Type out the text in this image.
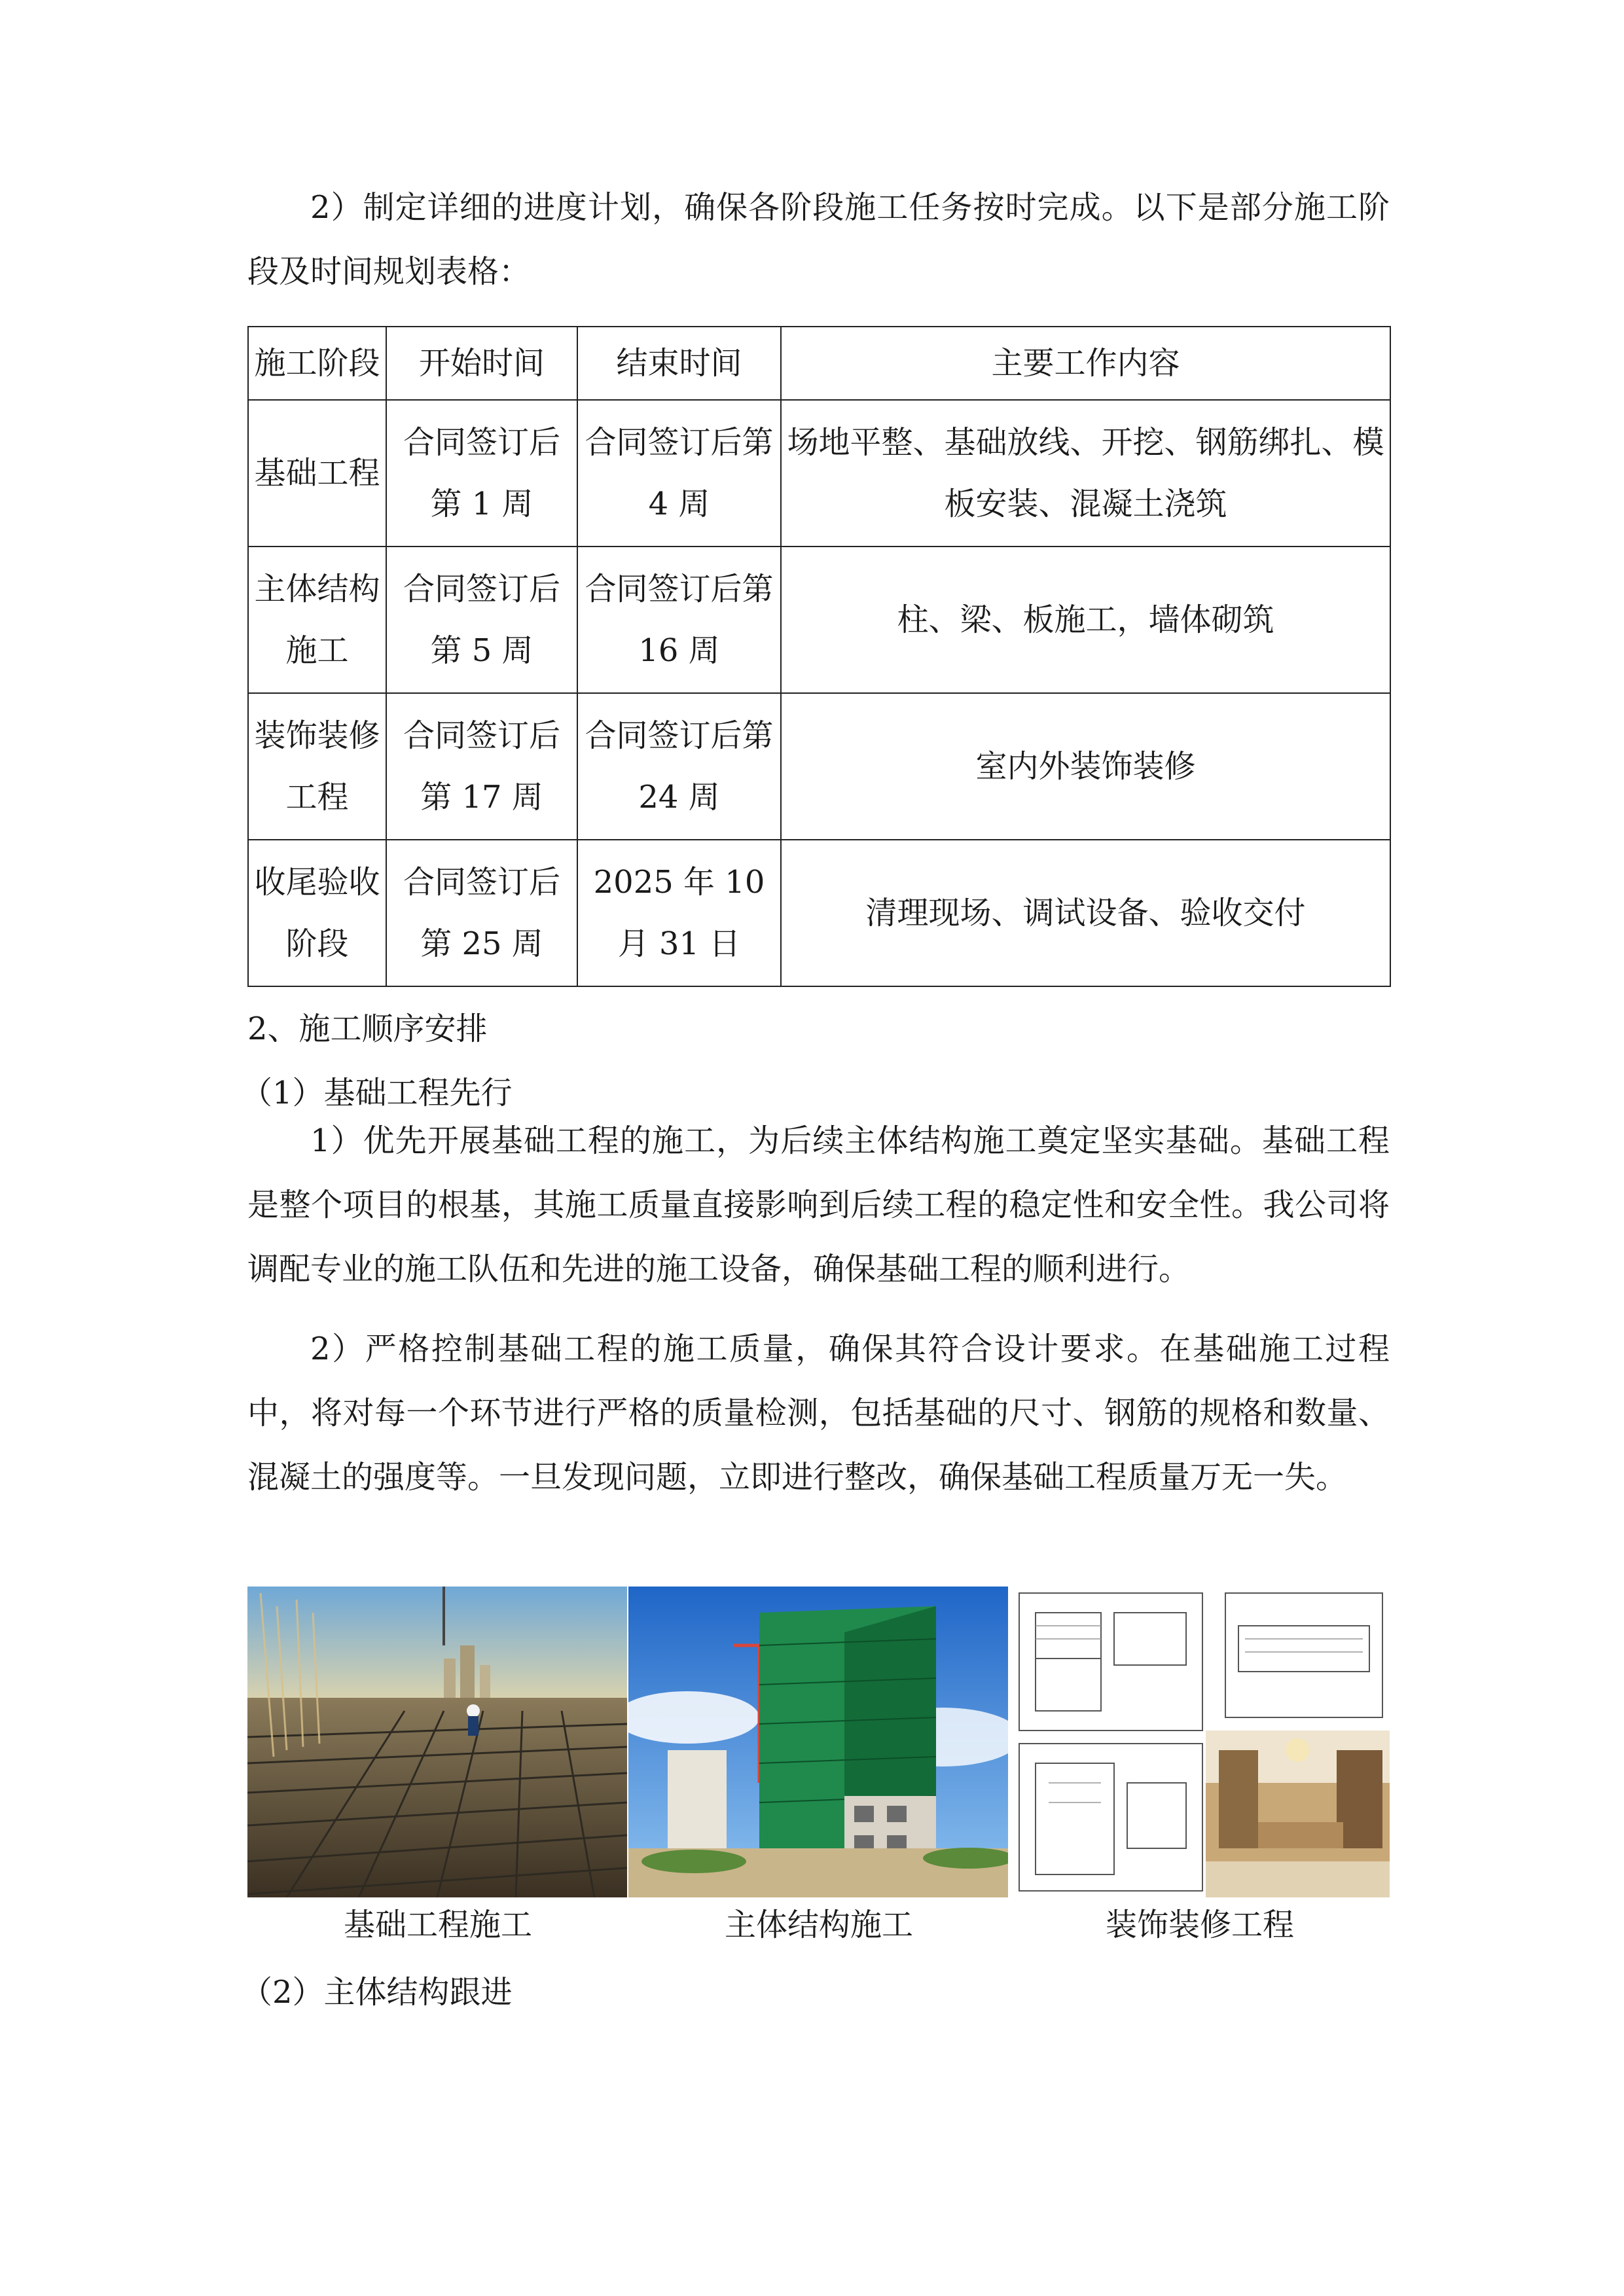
2）制定详细的进度计划，确保各阶段施工任务按时完成。以下是部分施工阶段及时间规划表格：

施工阶段	开始时间	结束时间	主要工作内容
基础工程	合同签订后第 1 周	合同签订后第 4 周	场地平整、基础放线、开挖、钢筋绑扎、模板安装、混凝土浇筑
主体结构施工	合同签订后第 5 周	合同签订后第 16 周	柱、梁、板施工，墙体砌筑
装饰装修工程	合同签订后第 17 周	合同签订后第 24 周	室内外装饰装修
收尾验收阶段	合同签订后第 25 周	2025 年 10 月 31 日	清理现场、调试设备、验收交付

2、施工顺序安排

（1）基础工程先行

1）优先开展基础工程的施工，为后续主体结构施工奠定坚实基础。基础工程是整个项目的根基，其施工质量直接影响到后续工程的稳定性和安全性。我公司将调配专业的施工队伍和先进的施工设备，确保基础工程的顺利进行。

2）严格控制基础工程的施工质量，确保其符合设计要求。在基础施工过程中，将对每一个环节进行严格的质量检测，包括基础的尺寸、钢筋的规格和数量、混凝土的强度等。一旦发现问题，立即进行整改，确保基础工程质量万无一失。

基础工程施工	主体结构施工	装饰装修工程

（2）主体结构跟进
